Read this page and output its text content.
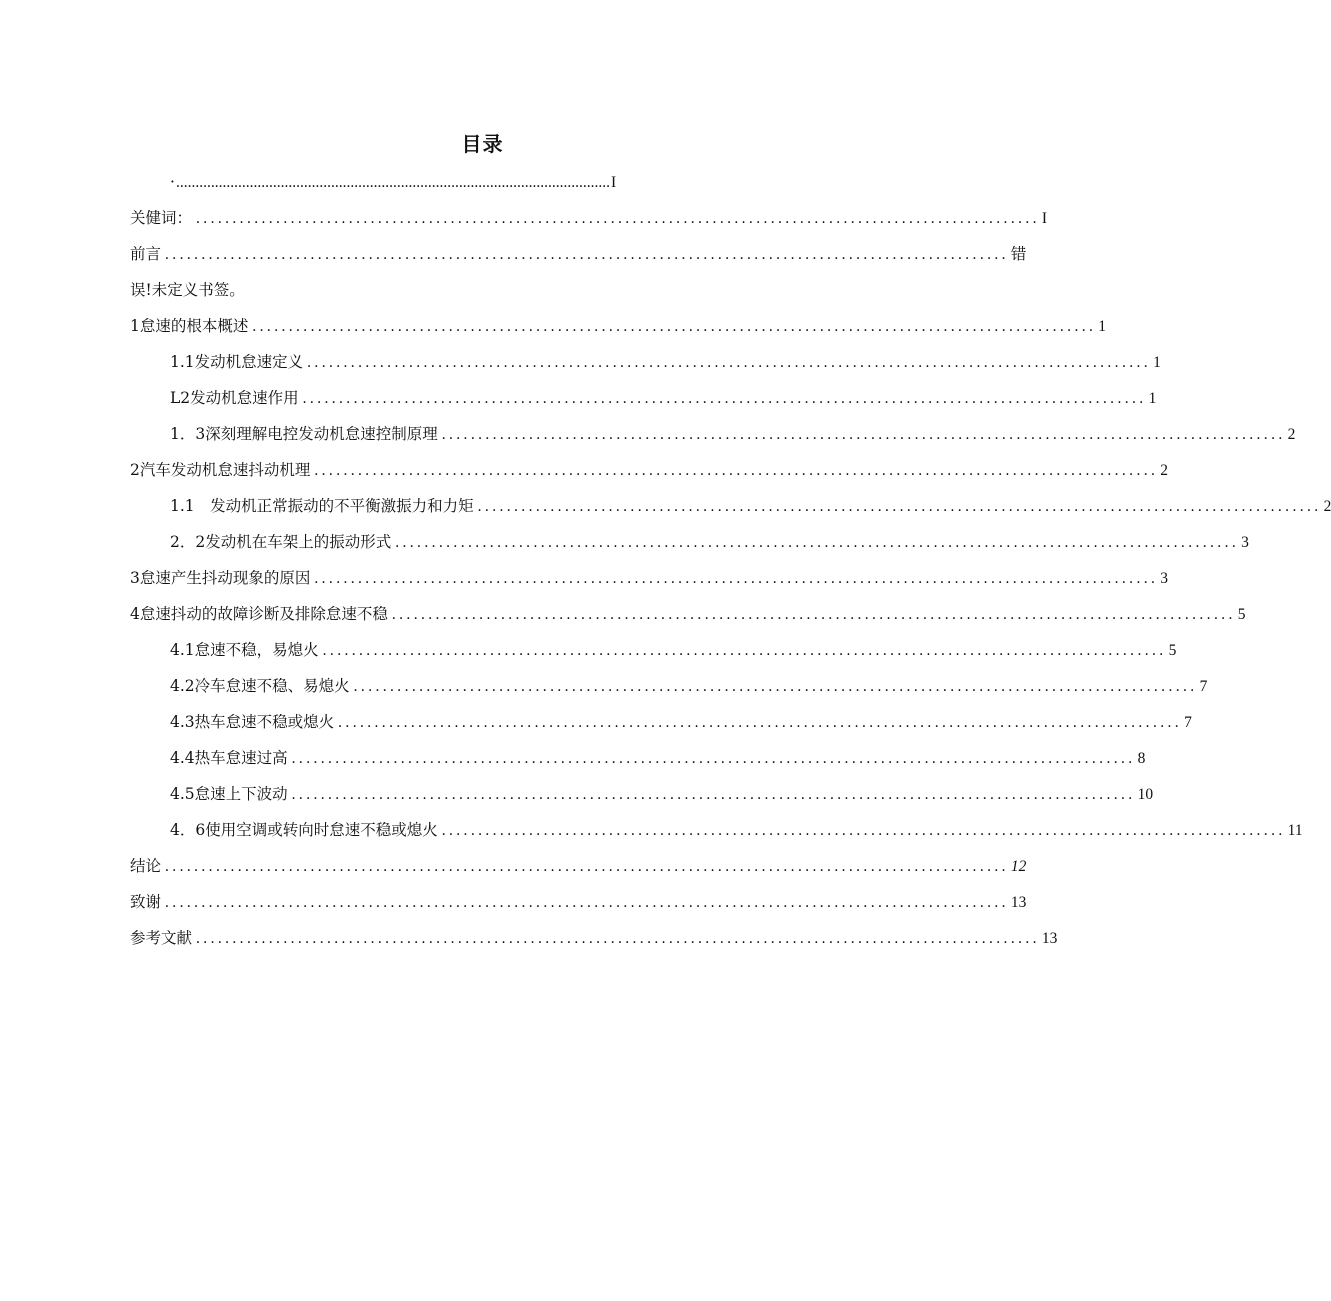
目录
· ................................................................................................................ I
关健词： .................................................................................................................... I
前言 .................................................................................................................... 错
误!未定义书签。
1怠速的根本概述 .................................................................................................................... 1
1.1发动机怠速定义 .................................................................................................................... 1
L2发动机怠速作用 .................................................................................................................... 1
1．3深刻理解电控发动机怠速控制原理 .................................................................................................................... 2
2汽车发动机怠速抖动机理 .................................................................................................................... 2
1.1　发动机正常振动的不平衡激振力和力矩 .................................................................................................................... 2
2．2发动机在车架上的振动形式 .................................................................................................................... 3
3怠速产生抖动现象的原因 .................................................................................................................... 3
4怠速抖动的故障诊断及排除怠速不稳 .................................................................................................................... 5
4.1怠速不稳，易熄火 .................................................................................................................... 5
4.2冷车怠速不稳、易熄火 .................................................................................................................... 7
4.3热车怠速不稳或熄火 .................................................................................................................... 7
4.4热车怠速过高 .................................................................................................................... 8
4.5怠速上下波动 .................................................................................................................... 10
4．6使用空调或转向时怠速不稳或熄火 .................................................................................................................... 11
结论 .................................................................................................................... 12
致谢 .................................................................................................................... 13
参考文献 .................................................................................................................... 13
